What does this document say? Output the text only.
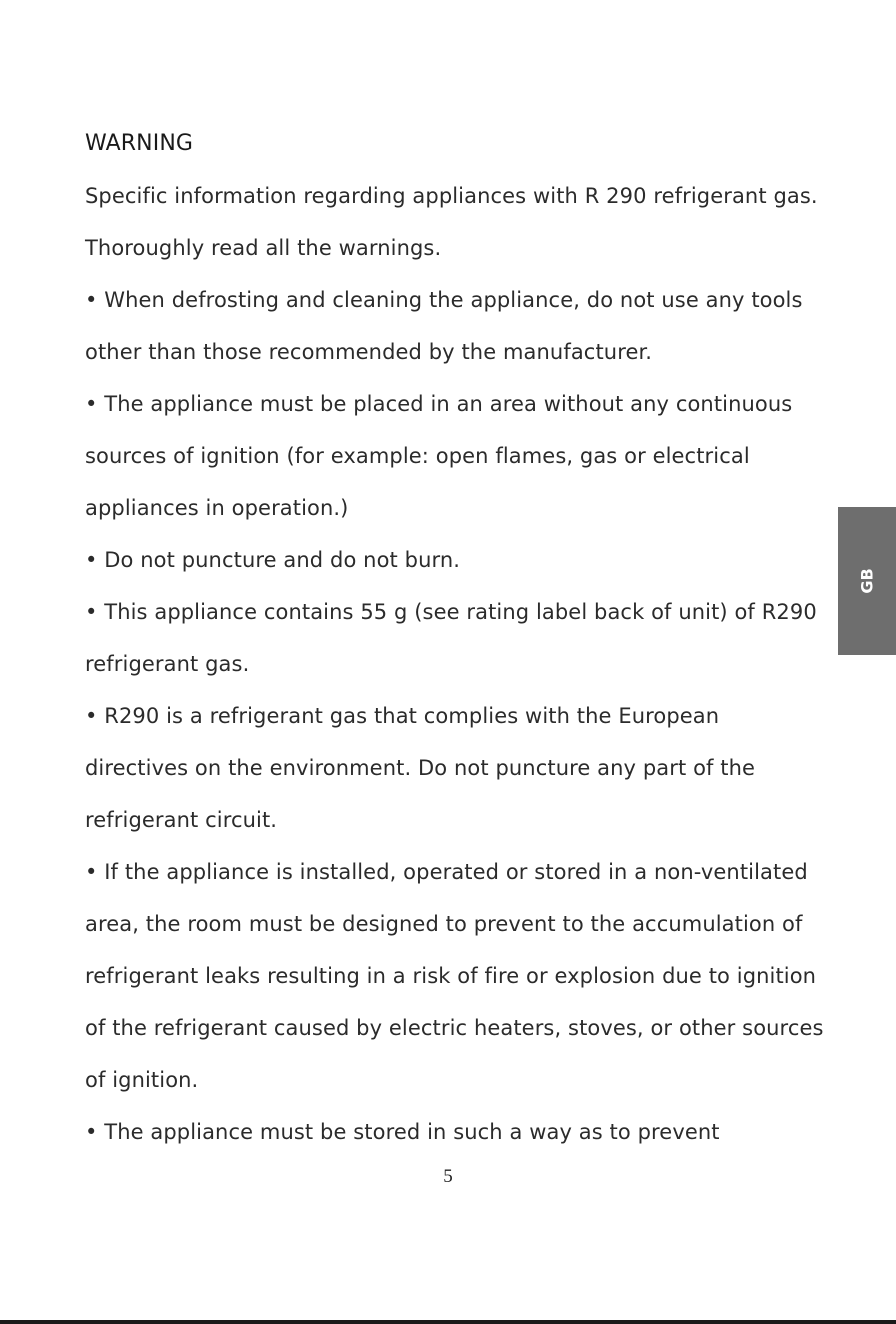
WARNING
Specific information regarding appliances with R 290 refrigerant gas.
Thoroughly read all the warnings.
• When defrosting and cleaning the appliance, do not use any tools
other than those recommended by the manufacturer.
• The appliance must be placed in an area without any continuous
sources of ignition (for example: open flames, gas or electrical
appliances in operation.)
• Do not puncture and do not burn.
• This appliance contains 55 g (see rating label back of unit) of R290
refrigerant gas.
• R290 is a refrigerant gas that complies with the European
directives on the environment. Do not puncture any part of the
refrigerant circuit.
• If the appliance is installed, operated or stored in a non-ventilated
area, the room must be designed to prevent to the accumulation of
refrigerant leaks resulting in a risk of fire or explosion due to ignition
of the refrigerant caused by electric heaters, stoves, or other sources
of ignition.
• The appliance must be stored in such a way as to prevent
GB
5
